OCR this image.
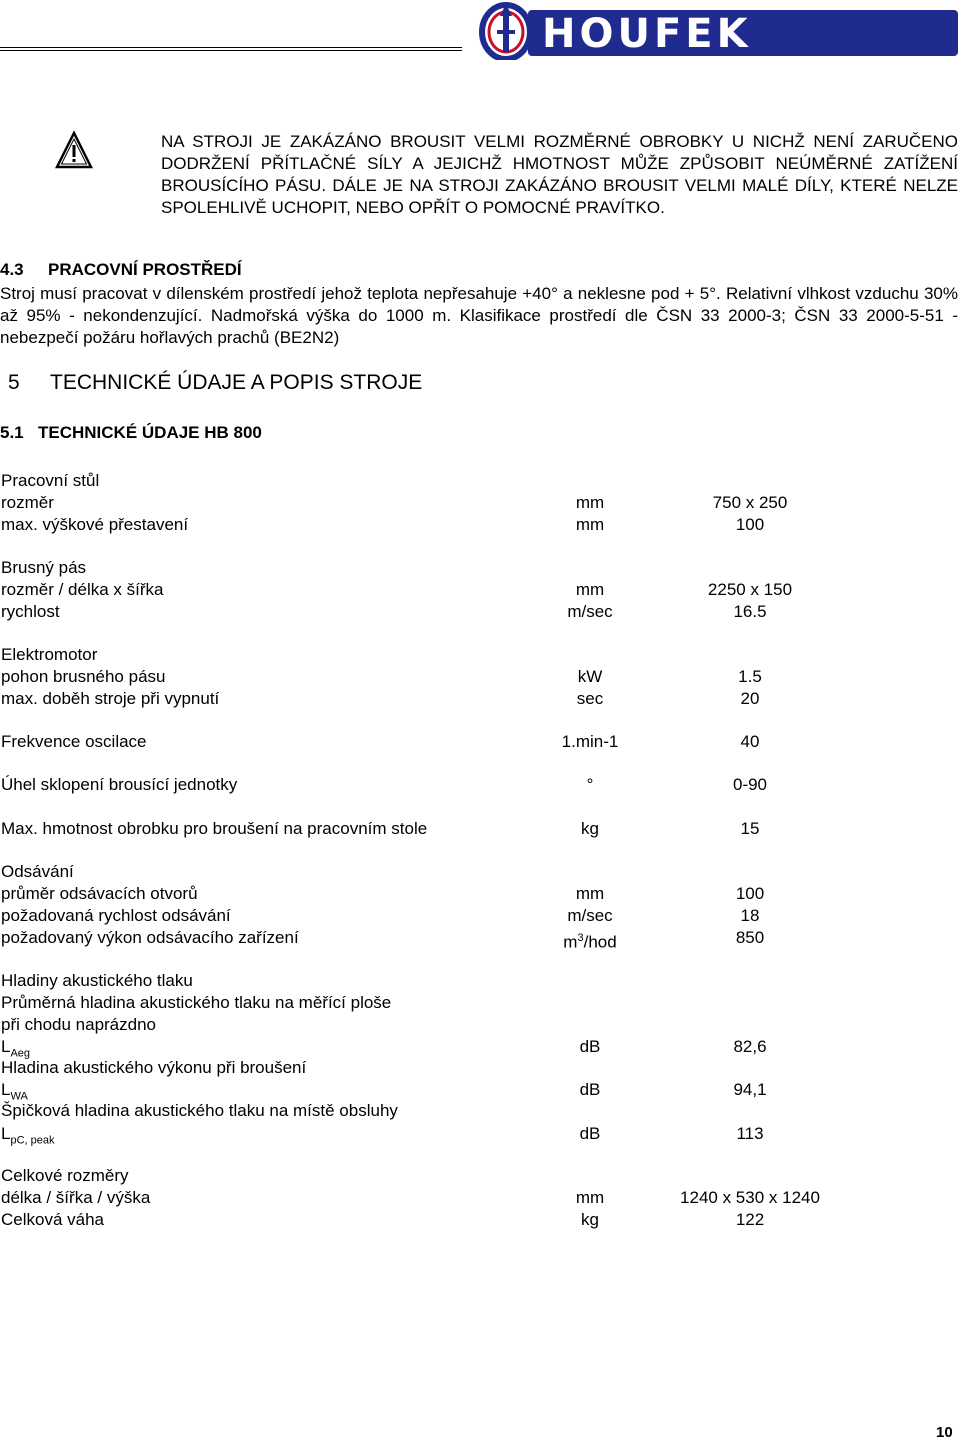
HOUFEK
NA STROJI JE ZAKÁZÁNO BROUSIT VELMI ROZMĚRNÉ OBROBKY U NICHŽ NENÍ ZARUČENO DODRŽENÍ PŘÍTLAČNÉ SÍLY A JEJICHŽ HMOTNOST MŮŽE ZPŮSOBIT NEÚMĚRNÉ ZATÍŽENÍ BROUSÍCÍHO PÁSU. DÁLE JE NA STROJI ZAKÁZÁNO BROUSIT VELMI MALÉ DÍLY, KTERÉ NELZE SPOLEHLIVĚ UCHOPIT, NEBO OPŘÍT O POMOCNÉ PRAVÍTKO.
4.3 PRACOVNÍ PROSTŘEDÍ
Stroj musí pracovat v dílenském prostředí jehož teplota nepřesahuje +40° a neklesne pod + 5°. Relativní vlhkost vzduchu 30% až 95% - nekondenzující. Nadmořská výška do 1000 m. Klasifikace prostředí dle ČSN 33 2000-3; ČSN 33 2000-5-51 - nebezpečí požáru hořlavých prachů (BE2N2)
5 TECHNICKÉ ÚDAJE A POPIS STROJE
5.1 TECHNICKÉ ÚDAJE HB 800
Pracovní stůl
rozměr	mm	750 x 250
max. výškové přestavení	mm	100
Brusný pás
rozměr / délka x šířka	mm	2250 x 150
rychlost	m/sec	16.5
Elektromotor
pohon brusného pásu	kW	1.5
max. doběh stroje při vypnutí	sec	20
Frekvence oscilace	1.min-1	40
Úhel sklopení brousící jednotky	°	0-90
Max. hmotnost obrobku pro broušení na pracovním stole	kg	15
Odsávání
průměr odsávacích otvorů	mm	100
požadovaná rychlost odsávání	m/sec	18
požadovaný výkon odsávacího zařízení	$m^3$/hod	850
Hladiny akustického tlaku
Průměrná hladina akustického tlaku na měřící ploše
při chodu naprázdno
$L_{Aeg}$	dB	82,6
Hladina akustického výkonu při broušení
$L_{WA}$	dB	94,1
Špičková hladina akustického tlaku na místě obsluhy
$L_{pC, peak}$	dB	113
Celkové rozměry
délka / šířka / výška	mm	1240 x 530 x 1240
Celková váha	kg	122
10
